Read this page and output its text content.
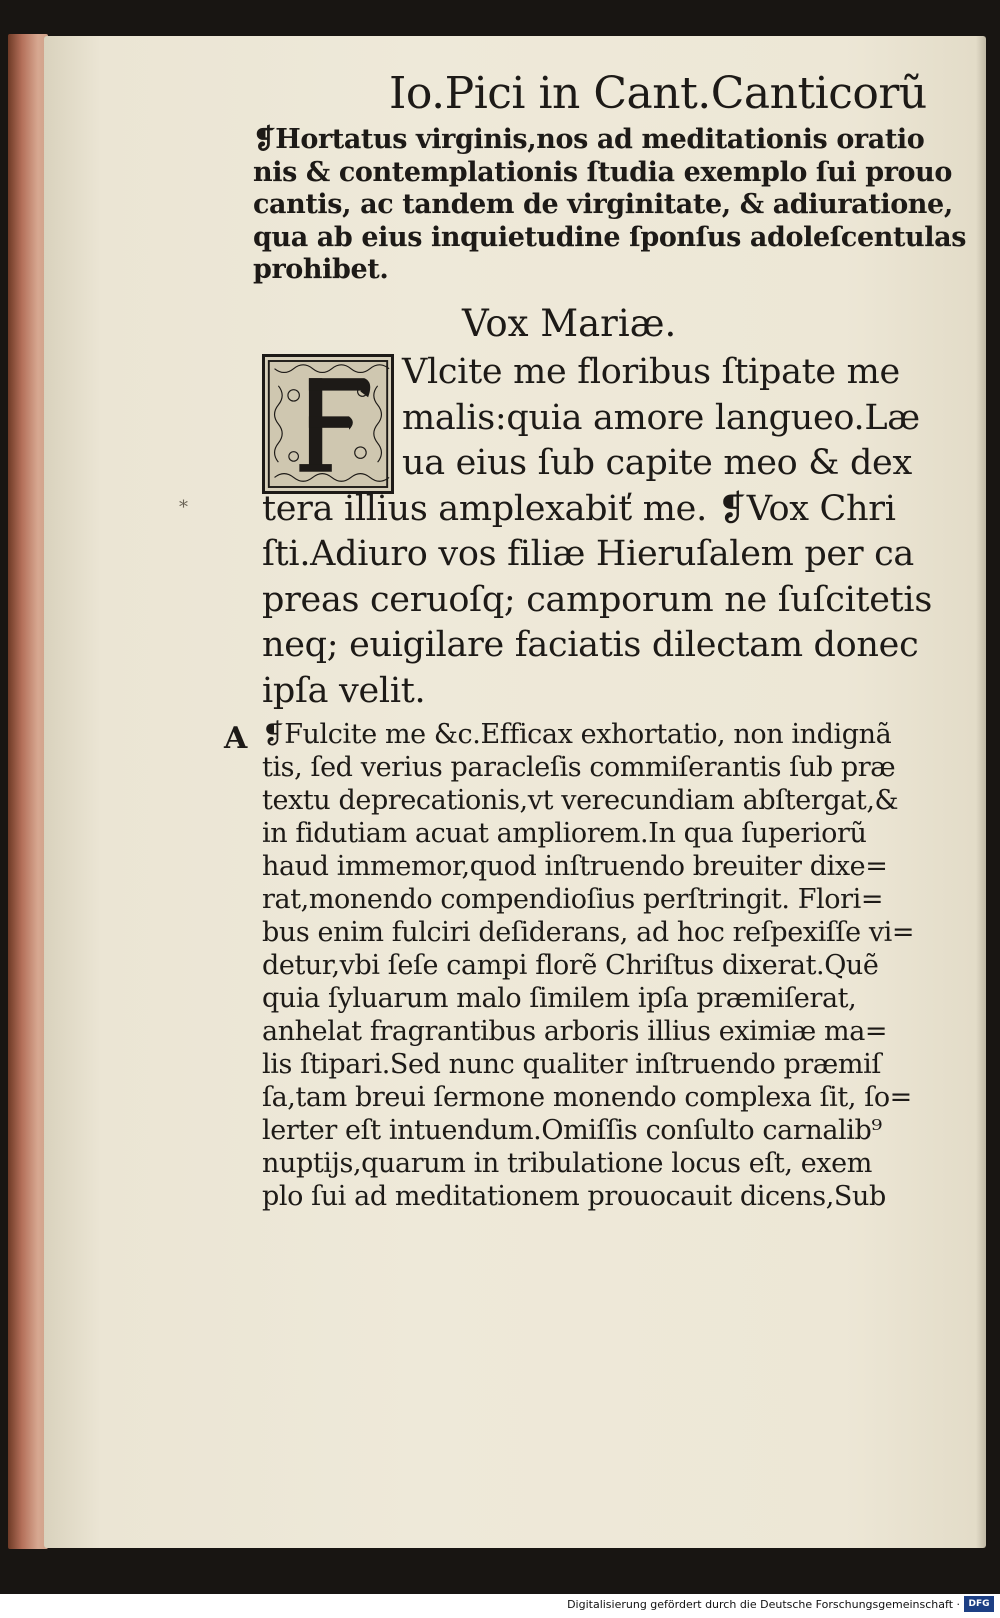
Io.Pici in Cant.Canticorũ
❡Hortatus virginis,nos ad meditationis oratio
nis & contemplationis ſtudia exemplo ſui prouo
cantis, ac tandem de virginitate, & adiuratione,
qua ab eius inquietudine ſponſus adoleſcentulas
prohibet.
Vox Mariæ.
Vlcite me floribus ſtipate me
malis:quia amore langueo.Læ
ua eius ſub capite meo & dex
tera illius amplexabiť me. ❡Vox Chri
ſti.Adiuro vos filiæ Hieruſalem per ca
preas ceruoſq; camporum ne ſuſcitetis
neq; euigilare faciatis dilectam donec
ipſa velit.
*
A ❡Fulcite me &c.Efficax exhortatio, non indignã
tis, ſed verius paracleſis commiſerantis ſub præ
textu deprecationis,vt verecundiam abſtergat,&
in fidutiam acuat ampliorem.In qua ſuperiorũ
haud immemor,quod inſtruendo breuiter dixe=
rat,monendo compendioſius perſtringit. Flori=
bus enim fulciri deſiderans, ad hoc reſpexiſſe vi=
detur,vbi ſeſe campi florẽ Chriſtus dixerat.Quẽ
quia ſyluarum malo ſimilem ipſa præmiſerat,
anhelat fragrantibus arboris illius eximiæ ma=
lis ſtipari.Sed nunc qualiter inſtruendo præmiſ
ſa,tam breui ſermone monendo complexa ſit, ſo=
lerter eſt intuendum.Omiſſis conſulto carnalib⁹
nuptijs,quarum in tribulatione locus eſt, exem
plo ſui ad meditationem prouocauit dicens,Sub
Digitalisierung gefördert durch die Deutsche Forschungsgemeinschaft · DFG
